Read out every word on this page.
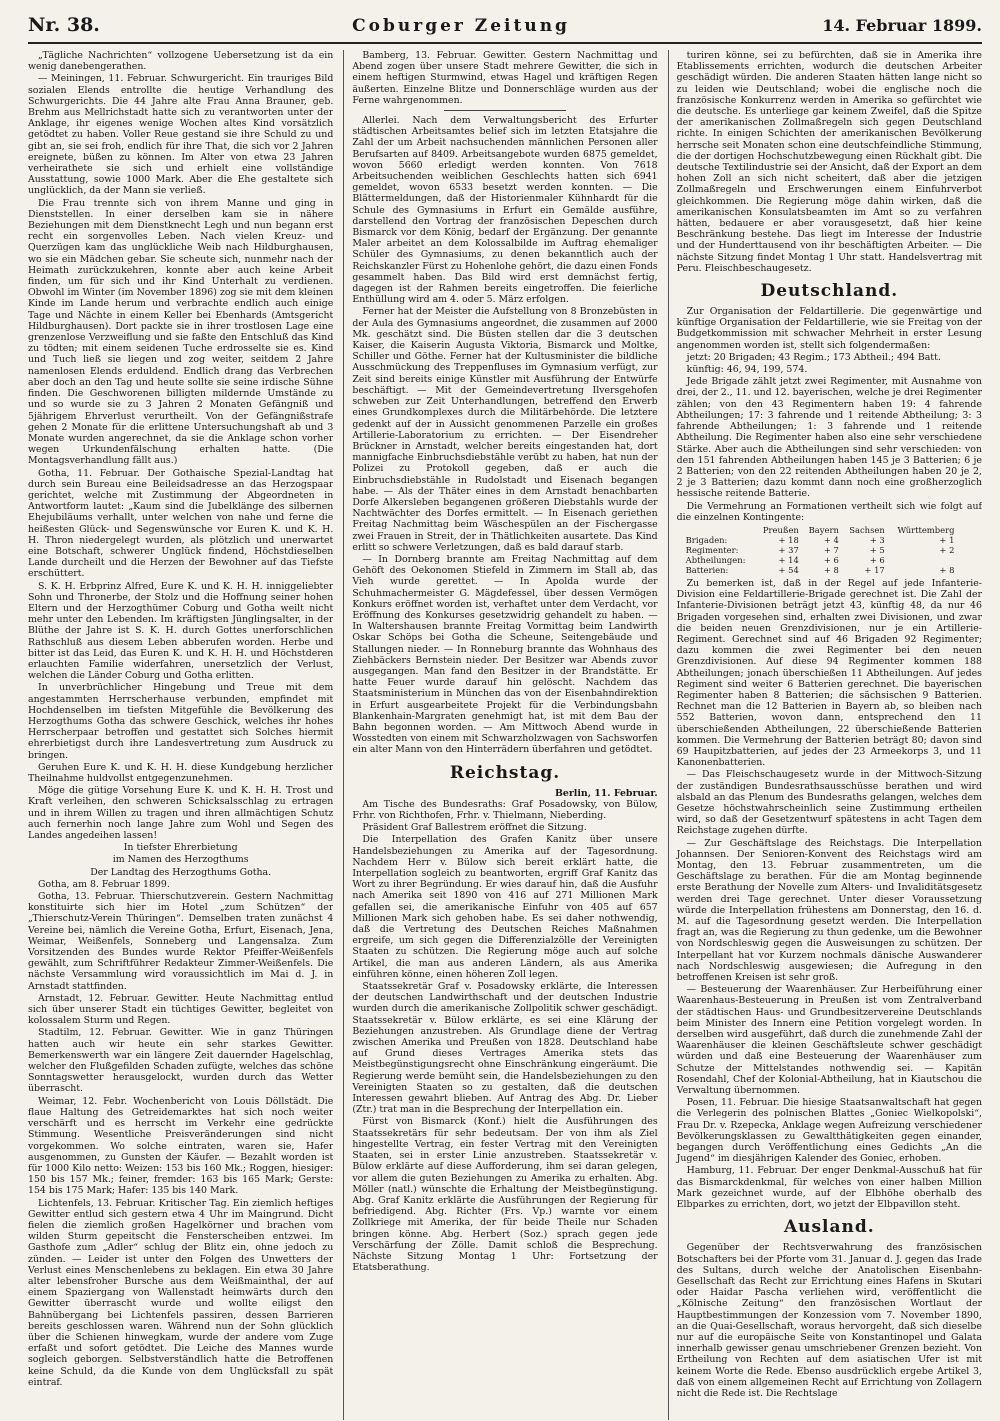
Nr. 38.	Coburger Zeitung	14. Februar 1899.

„Tägliche Nachrichten“ vollzogene Uebersetzung ist da ein wenig danebengerathen.

— Meiningen, 11. Februar. Schwurgericht. Ein trauriges Bild sozialen Elends entrollte die heutige Verhandlung des Schwurgerichts. Die 44 Jahre alte Frau Anna Brauner, geb. Brehm aus Mellrichstadt hatte sich zu verantworten unter der Anklage, ihr eigenes wenige Wochen altes Kind vorsätzlich getödtet zu haben. Voller Reue gestand sie ihre Schuld zu und gibt an, sie sei froh, endlich für ihre That, die sich vor 2 Jahren ereignete, büßen zu können. Im Alter von etwa 23 Jahren verheirathete sie sich und erhielt eine vollständige Ausstattung, sowie 1000 Mark. Aber die Ehe gestaltete sich unglücklich, da der Mann sie verließ.

Die Frau trennte sich von ihrem Manne und ging in Dienststellen. In einer derselben kam sie in nähere Beziehungen mit dem Dienstknecht Legh und nun begann erst recht ein sorgenvolles Leben. Nach vielen Kreuz- und Querzügen kam das unglückliche Weib nach Hildburghausen, wo sie ein Mädchen gebar. Sie scheute sich, nunmehr nach der Heimath zurückzukehren, konnte aber auch keine Arbeit finden, um für sich und ihr Kind Unterhalt zu verdienen. Obwohl im Winter (im November 1896) zog sie mit dem kleinen Kinde im Lande herum und verbrachte endlich auch einige Tage und Nächte in einem Keller bei Ebenhards (Amtsgericht Hildburghausen). Dort packte sie in ihrer trostlosen Lage eine grenzenlose Verzweiflung und sie faßte den Entschluß das Kind zu tödten; mit einem seidenen Tuche erdrosselte sie es. Kind und Tuch ließ sie liegen und zog weiter, seitdem 2 Jahre namenlosen Elends erduldend. Endlich drang das Verbrechen aber doch an den Tag und heute sollte sie seine irdische Sühne finden. Die Geschworenen billigten mildernde Umstände zu und so wurde sie zu 3 Jahren 2 Monaten Gefängniß und 5jährigem Ehrverlust verurtheilt. Von der Gefängnißstrafe gehen 2 Monate für die erlittene Untersuchungshaft ab und 3 Monate wurden angerechnet, da sie die Anklage schon vorher wegen Urkundenfälschung erhalten hatte. (Die Montagsverhandlung fällt aus.)

Gotha, 11. Februar. Der Gothaische Spezial-Landtag hat durch sein Bureau eine Beileidsadresse an das Herzogspaar gerichtet, welche mit Zustimmung der Abgeordneten in Antwortform lautet: „Kaum sind die Jubelklänge des silbernen Ehejubiläums verhallt, unter welchen von nahe und ferne die heißesten Glück- und Segenswünsche vor Euren K. und K. H. H. Thron niedergelegt wurden, als plötzlich und unerwartet eine Botschaft, schwerer Unglück findend, Höchstdieselben Lande durcheilt und die Herzen der Bewohner auf das Tiefste erschüttert.

S. K. H. Erbprinz Alfred, Eure K. und K. H. H. inniggeliebter Sohn und Thronerbe, der Stolz und die Hoffnung seiner hohen Eltern und der Herzogthümer Coburg und Gotha weilt nicht mehr unter den Lebenden. Im kräftigsten Jünglingsalter, in der Blüthe der Jahre ist S. K. H. durch Gottes unerforschlichen Rathschluß aus diesem Leben abberufen worden. Herbe und bitter ist das Leid, das Euren K. und K. H. H. und Höchstderen erlauchten Familie widerfahren, unersetzlich der Verlust, welchen die Länder Coburg und Gotha erlitten.

In unverbrüchlicher Hingebung und Treue mit dem angestammten Herrscherhause verbunden, empfindet mit Hochdenselben im tiefsten Mitgefühle die Bevölkerung des Herzogthums Gotha das schwere Geschick, welches ihr hohes Herrscherpaar betroffen und gestattet sich Solches hiermit ehrerbietigst durch ihre Landesvertretung zum Ausdruck zu bringen.

Geruhen Eure K. und K. H. H. diese Kundgebung herzlicher Theilnahme huldvollst entgegenzunehmen.

Möge die gütige Vorsehung Eure K. und K. H. H. Trost und Kraft verleihen, den schweren Schicksalsschlag zu ertragen und in ihrem Willen zu tragen und ihren allmächtigen Schutz auch fernerhin noch lange Jahre zum Wohl und Segen des Landes angedeihen lassen!

In tiefster Ehrerbietung
im Namen des Herzogthums
Der Landtag des Herzogthums Gotha.

Gotha, am 8. Februar 1899.

Gotha, 13. Februar. Thierschutzverein. Gestern Nachmittag konstituirte sich hier im Hotel „zum Schützen“ der „Thierschutz-Verein Thüringen“. Demselben traten zunächst 4 Vereine bei, nämlich die Vereine Gotha, Erfurt, Eisenach, Jena, Weimar, Weißenfels, Sonneberg und Langensalza. Zum Vorsitzenden des Bundes wurde Rektor Pfeiffer-Weißenfels gewählt, zum Schriftführer Redakteur Zimmer-Weißenfels. Die nächste Versammlung wird voraussichtlich im Mai d. J. in Arnstadt stattfinden.

Arnstadt, 12. Februar. Gewitter. Heute Nachmittag entlud sich über unserer Stadt ein tüchtiges Gewitter, begleitet von kolossalem Sturm und Regen.

Stadtilm, 12. Februar. Gewitter. Wie in ganz Thüringen hatten auch wir heute ein sehr starkes Gewitter. Bemerkenswerth war ein längere Zeit dauernder Hagelschlag, welcher den Flußgefilden Schaden zufügte, welches das schöne Sonntagswetter herausgelockt, wurden durch das Wetter überrascht.

Weimar, 12. Febr. Wochenbericht von Louis Döllstädt. Die flaue Haltung des Getreidemarktes hat sich noch weiter verschärft und es herrscht im Verkehr eine gedrückte Stimmung. Wesentliche Preisveränderungen sind nicht vorgekommen. Wo solche eintraten, waren sie, Hafer ausgenommen, zu Gunsten der Käufer. — Bezahlt worden ist für 1000 Kilo netto: Weizen: 153 bis 160 Mk.; Roggen, hiesiger: 150 bis 157 Mk.; feiner, fremder: 163 bis 165 Mark; Gerste: 154 bis 175 Mark; Hafer: 135 bis 140 Mark.

Lichtenfels, 13. Februar. Kritischer Tag. Ein ziemlich heftiges Gewitter entlud sich gestern etwa 4 Uhr im Maingrund. Dicht fielen die ziemlich großen Hagelkörner und brachen vom wilden Sturm gepeitscht die Fensterscheiben entzwei. Im Gasthofe zum „Adler“ schlug der Blitz ein, ohne jedoch zu zünden. — Leider ist unter den Folgen des Unwetters der Verlust eines Menschenlebens zu beklagen. Ein etwa 30 Jahre alter lebensfroher Bursche aus dem Weißmainthal, der auf einem Spaziergang von Wallenstadt heimwärts durch den Gewitter überrascht wurde und wollte eiligst den Bahnübergang bei Lichtenfels passiren, dessen Barrieren bereits geschlossen waren. Während nun der Sohn glücklich über die Schienen hinwegkam, wurde der andere vom Zuge erfaßt und sofort getödtet. Die Leiche des Mannes wurde sogleich geborgen. Selbstverständlich hatte die Betroffenen keine Schuld, da die Kunde von dem Unglücksfall zu spät eintraf.

Bamberg, 13. Februar. Gewitter. Gestern Nachmittag und Abend zogen über unsere Stadt mehrere Gewitter, die sich in einem heftigen Sturmwind, etwas Hagel und kräftigen Regen äußerten. Einzelne Blitze und Donnerschläge wurden aus der Ferne wahrgenommen.

Allerlei. Nach dem Verwaltungsbericht des Erfurter städtischen Arbeitsamtes belief sich im letzten Etatsjahre die Zahl der um Arbeit nachsuchenden männlichen Personen aller Berufsarten auf 8409. Arbeitsangebote wurden 6875 gemeldet, wovon 5660 erledigt werden konnten. Von 7618 Arbeitsuchenden weiblichen Geschlechts hatten sich 6941 gemeldet, wovon 6533 besetzt werden konnten. — Die Blättermeldungen, daß der Historienmaler Kühnhardt für die Schule des Gymnasiums in Erfurt ein Gemälde ausführe, darstellend den Vortrag der französischen Depeschen durch Bismarck vor dem König, bedarf der Ergänzung. Der genannte Maler arbeitet an dem Kolossalbilde im Auftrag ehemaliger Schüler des Gymnasiums, zu denen bekanntlich auch der Reichskanzler Fürst zu Hohenlohe gehört, die dazu einen Fonds gesammelt haben. Das Bild wird erst demnächst fertig, dagegen ist der Rahmen bereits eingetroffen. Die feierliche Enthüllung wird am 4. oder 5. März erfolgen.

Ferner hat der Meister die Aufstellung von 8 Bronzebüsten in der Aula des Gymnasiums angeordnet, die zusammen auf 2000 Mk. geschätzt sind. Die Büsten stellen dar die 3 deutschen Kaiser, die Kaiserin Augusta Viktoria, Bismarck und Moltke, Schiller und Göthe. Ferner hat der Kultusminister die bildliche Ausschmückung des Treppenfluses im Gymnasium verfügt, zur Zeit sind bereits einige Künstler mit Ausführung der Entwürfe beschäftigt. — Mit der Gemeindevertretung Ilversgehofen schweben zur Zeit Unterhandlungen, betreffend den Erwerb eines Grundkomplexes durch die Militärbehörde. Die letztere gedenkt auf der in Aussicht genommenen Parzelle ein großes Artillerie-Laboratorium zu errichten. — Der Eisendreher Brückner in Arnstadt, welcher bereits eingestanden hat, dort mannigfache Einbruchsdiebstähle verübt zu haben, hat nun der Polizei zu Protokoll gegeben, daß er auch die Einbruchsdiebstähle in Rudolstadt und Eisenach begangen habe. — Als der Thäter eines in dem Arnstadt benachbarten Dorfe Alkersleben begangenen größeren Diebstahls wurde der Nachtwächter des Dorfes ermittelt. — In Eisenach geriethen Freitag Nachmittag beim Wäschespülen an der Fischergasse zwei Frauen in Streit, der in Thätlichkeiten ausartete. Das Kind erlitt so schwere Verletzungen, daß es bald darauf starb.

— In Dornberg brannte am Freitag Nachmittag auf dem Gehöft des Oekonomen Stiefeld in Zimmern im Stall ab, das Vieh wurde gerettet. — In Apolda wurde der Schuhmachermeister G. Mägdefessel, über dessen Vermögen Konkurs eröffnet worden ist, verhaftet unter dem Verdacht, vor Eröffnung des Konkurses gesetzwidrig gehandelt zu haben. — In Waltershausen brannte Freitag Vormittag beim Landwirth Oskar Schöps bei Gotha die Scheune, Seitengebäude und Stallungen nieder. — In Ronneburg brannte das Wohnhaus des Ziehbäckers Bernstein nieder. Der Besitzer war Abends zuvor ausgegangen. Man fand den Besitzer in der Brandstätte. Er hatte Feuer wurde darauf hin gelöscht. Nachdem das Staatsministerium in München das von der Eisenbahndirektion in Erfurt ausgearbeitete Projekt für die Verbindungsbahn Blankenhain-Margraten genehmigt hat, ist mit dem Bau der Bahn begonnen worden. — Am Mittwoch Abend wurde in Wosstedten von einem mit Schwarzholzwagen von Sachsworfen ein alter Mann von den Hinterrädern überfahren und getödtet.

Reichstag.
Berlin, 11. Februar.

Am Tische des Bundesraths: Graf Posadowsky, von Bülow, Frhr. von Richthofen, Frhr. v. Thielmann, Nieberding.

Präsident Graf Ballestrem eröffnet die Sitzung.

Die Interpellation des Grafen Kanitz über unsere Handelsbeziehungen zu Amerika auf der Tagesordnung. Nachdem Herr v. Bülow sich bereit erklärt hatte, die Interpellation sogleich zu beantworten, ergriff Graf Kanitz das Wort zu ihrer Begründung. Er wies darauf hin, daß die Ausfuhr nach Amerika seit 1890 von 416 auf 271 Millionen Mark gefallen sei, die amerikanische Einfuhr von 405 auf 657 Millionen Mark sich gehoben habe. Es sei daher nothwendig, daß die Vertretung des Deutschen Reiches Maßnahmen ergreife, um sich gegen die Differenzialzölle der Vereinigten Staaten zu schützen. Die Regierung möge auch auf solche Artikel, die man aus anderen Ländern, als aus Amerika einführen könne, einen höheren Zoll legen.

Staatssekretär Graf v. Posadowsky erklärte, die Interessen der deutschen Landwirthschaft und der deutschen Industrie wurden durch die amerikanische Zollpolitik schwer geschädigt. Staatssekretär v. Bülow erklärte, es sei eine Klärung der Beziehungen anzustreben. Als Grundlage diene der Vertrag zwischen Amerika und Preußen von 1828. Deutschland habe auf Grund dieses Vertrages Amerika stets das Meistbegünstigungsrecht ohne Einschränkung eingeräumt. Die Regierung werde bemüht sein, die Handelsbeziehungen zu den Vereinigten Staaten so zu gestalten, daß die deutschen Interessen gewahrt blieben. Auf Antrag des Abg. Dr. Lieber (Ztr.) trat man in die Besprechung der Interpellation ein.

Fürst von Bismarck (Konf.) hielt die Ausführungen des Staatssekretärs für sehr bedeutsam. Der von ihm als Ziel hingestellte Vertrag, ein fester Vertrag mit den Vereinigten Staaten, sei in erster Linie anzustreben. Staatssekretär v. Bülow erklärte auf diese Aufforderung, ihm sei daran gelegen, vor allem die guten Beziehungen zu Amerika zu erhalten. Abg. Möller (natl.) wünschte die Erhaltung der Meistbegünstigung. Abg. Graf Kanitz erklärte die Ausführungen der Regierung für befriedigend. Abg. Richter (Frs. Vp.) warnte vor einem Zollkriege mit Amerika, der für beide Theile nur Schaden bringen könne. Abg. Herbert (Soz.) sprach gegen jede Verschärfung der Zölle. Damit schloß die Besprechung. Nächste Sitzung Montag 1 Uhr: Fortsetzung der Etatsberathung.

turiren könne, sei zu befürchten, daß sie in Amerika ihre Etablissements errichten, wodurch die deutschen Arbeiter geschädigt würden. Die anderen Staaten hätten lange nicht so zu leiden wie Deutschland; wobei die englische noch die französische Konkurrenz werden in Amerika so gefürchtet wie die deutsche. Es unterliege gar keinem Zweifel, daß die Spitze der amerikanischen Zollmaßregeln sich gegen Deutschland richte. In einigen Schichten der amerikanischen Bevölkerung herrsche seit Monaten schon eine deutschfeindliche Stimmung, die der dortigen Hochschutzbewegung einen Rückhalt gibt. Die deutsche Textilindustrie sei der Ansicht, daß der Export an dem hohen Zoll an sich nicht scheitert, daß aber die jetzigen Zollmaßregeln und Erschwerungen einem Einfuhrverbot gleichkommen. Die Regierung möge dahin wirken, daß die amerikanischen Konsulatsbeamten im Amt so zu verfahren hätten, bedauere er aber vorausgesetzt, daß hier keine Beschränkung bestehe. Das liegt im Interesse der Industrie und der Hunderttausend von ihr beschäftigten Arbeiter. — Die nächste Sitzung findet Montag 1 Uhr statt. Handelsvertrag mit Peru. Fleischbeschaugesetz.

Deutschland.

Zur Organisation der Feldartillerie. Die gegenwärtige und künftige Organisation der Feldartillerie, wie sie Freitag von der Budgetkommission mit schwacher Mehrheit in erster Lesung angenommen worden ist, stellt sich folgendermaßen:

jetzt: 20 Brigaden; 43 Regim.; 173 Abtheil.; 494 Batt.

künftig: 46, 94, 199, 574.

Jede Brigade zählt jetzt zwei Regimenter, mit Ausnahme von drei, der 2., 11. und 12. bayerischen, welche je drei Regimenter zählen; von den 43 Regimentern haben 19: 4 fahrende Abtheilungen; 17: 3 fahrende und 1 reitende Abtheilung; 3: 3 fahrende Abtheilungen; 1: 3 fahrende und 1 reitende Abtheilung. Die Regimenter haben also eine sehr verschiedene Stärke. Aber auch die Abtheilungen sind sehr verschieden: von den 151 fahrenden Abtheilungen haben 145 je 3 Batterien; 6 je 2 Batterien; von den 22 reitenden Abtheilungen haben 20 je 2, 2 je 3 Batterien; dazu kommt dann noch eine großherzoglich hessische reitende Batterie.

Die Vermehrung an Formationen vertheilt sich wie folgt auf die einzelnen Kontingente:

	Preußen	Bayern	Sachsen	Württemberg
Brigaden:	+ 18	+ 4	+ 3	+ 1
Regimenter:	+ 37	+ 7	+ 5	+ 2
Abtheilungen:	+ 14	+ 6	+ 6	
Batterien:	+ 54	+ 8	+ 17	+ 8

Zu bemerken ist, daß in der Regel auf jede Infanterie-Division eine Feldartillerie-Brigade gerechnet ist. Die Zahl der Infanterie-Divisionen beträgt jetzt 43, künftig 48, da nur 46 Brigaden vorgesehen sind, erhalten zwei Divisionen, und zwar die beiden neuen Grenzdivisionen, nur je ein Artillerie-Regiment. Gerechnet sind auf 46 Brigaden 92 Regimenter; dazu kommen die zwei Regimenter bei den neuen Grenzdivisionen. Auf diese 94 Regimenter kommen 188 Abtheilungen; jonach überschießen 11 Abtheilungen. Auf jedes Regiment sind weiter 6 Batterien gerechnet. Die bayerischen Regimenter haben 8 Batterien; die sächsischen 9 Batterien. Rechnet man die 12 Batterien in Bayern ab, so bleiben nach 552 Batterien, wovon dann, entsprechend den 11 überschießenden Abtheilungen, 22 überschießende Batterien kommen. Die Vermehrung der Batterien beträgt 80; davon sind 69 Haupitzbatterien, auf jedes der 23 Armeekorps 3, und 11 Kanonenbatterien.

— Das Fleischschaugesetz wurde in der Mittwoch-Sitzung der zuständigen Bundesrathsausschüsse berathen und wird alsbald an das Plenum des Bundesraths gelangen, welches dem Gesetze höchstwahrscheinlich seine Zustimmung ertheilen wird, so daß der Gesetzentwurf spätestens in acht Tagen dem Reichstage zugehen dürfte.

— Zur Geschäftslage des Reichstags. Die Interpellation Johannsen. Der Senioren-Konvent des Reichstags wird am Montag, den 13. Februar zusammentreten, um die Geschäftslage zu berathen. Für die am Montag beginnende erste Berathung der Novelle zum Alters- und Invaliditätsgesetz werden drei Tage gerechnet. Unter dieser Voraussetzung würde die Interpellation frühestens am Donnerstag, den 16. d. M. auf die Tagesordnung gesetzt werden. Die Interpellation fragt an, was die Regierung zu thun gedenke, um die Bewohner von Nordschleswig gegen die Ausweisungen zu schützen. Der Interpellant hat vor Kurzem nochmals dänische Auswanderer nach Nordschleswig ausgewiesen; die Aufregung in den betroffenen Kreisen ist sehr groß.

— Besteuerung der Waarenhäuser. Zur Herbeiführung einer Waarenhaus-Besteuerung in Preußen ist vom Zentralverband der städtischen Haus- und Grundbesitzervereine Deutschlands beim Minister des Innern eine Petition vorgelegt worden. In derselben wird ausgeführt, daß durch die zunehmende Zahl der Waarenhäuser die kleinen Geschäftsleute schwer geschädigt würden und daß eine Besteuerung der Waarenhäuser zum Schutze der Mittelstandes nothwendig sei. — Kapitän Rosendahl, Chef der Kolonial-Abtheilung, hat in Kiautschou die Verwaltung übernommen.

Posen, 11. Februar. Die hiesige Staatsanwaltschaft hat gegen die Verlegerin des polnischen Blattes „Goniec Wielkopolski“, Frau Dr. v. Rzepecka, Anklage wegen Aufreizung verschiedener Bevölkerungsklassen zu Gewaltthätigkeiten gegen einander, begangen durch Veröffentlichung eines Gedichts „An die Jugend“ im diesjährigen Kalender des Goniec, erhoben.

Hamburg, 11. Februar. Der enger Denkmal-Ausschuß hat für das Bismarckdenkmal, für welches von einer halben Million Mark gezeichnet wurde, auf der Elbhöhe oberhalb des Elbparkes zu errichten, dort, wo jetzt der Elbpavillon steht.

Ausland.

Gegenüber der Rechtsverwahrung des französischen Botschafters bei der Pforte vom 31. Januar d. J. gegen das Irade des Sultans, durch welche der Anatolischen Eisenbahn-Gesellschaft das Recht zur Errichtung eines Hafens in Skutari oder Haidar Pascha verliehen wird, veröffentlicht die „Kölnische Zeitung“ den französischen Wortlaut der Hauptbestimmungen der Konzession vom 7. November 1890, an die Quai-Gesellschaft, woraus hervorgeht, daß sich dieselbe nur auf die europäische Seite von Konstantinopel und Galata innerhalb gewisser genau umschriebener Grenzen bezieht. Von Ertheilung von Rechten auf dem asiatischen Ufer ist mit keinem Worte die Rede. Ebenso ausdrücklich ergebe Artikel 3, daß von einem allgemeinen Recht auf Errichtung von Zollagern nicht die Rede ist. Die Rechtslage
